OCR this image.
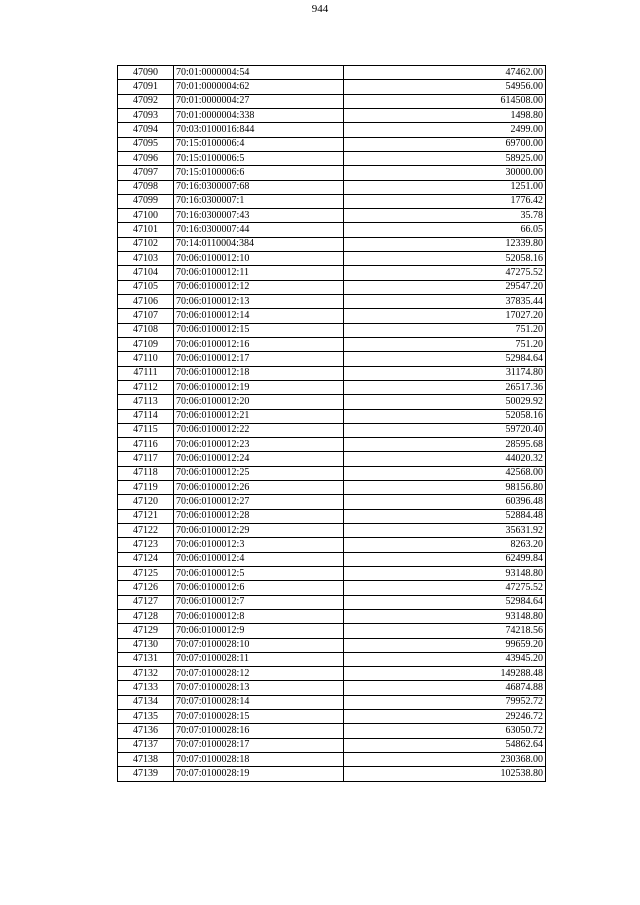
944
47090	70:01:0000004:54	47462.00
47091	70:01:0000004:62	54956.00
47092	70:01:0000004:27	614508.00
47093	70:01:0000004:338	1498.80
47094	70:03:0100016:844	2499.00
47095	70:15:0100006:4	69700.00
47096	70:15:0100006:5	58925.00
47097	70:15:0100006:6	30000.00
47098	70:16:0300007:68	1251.00
47099	70:16:0300007:1	1776.42
47100	70:16:0300007:43	35.78
47101	70:16:0300007:44	66.05
47102	70:14:0110004:384	12339.80
47103	70:06:0100012:10	52058.16
47104	70:06:0100012:11	47275.52
47105	70:06:0100012:12	29547.20
47106	70:06:0100012:13	37835.44
47107	70:06:0100012:14	17027.20
47108	70:06:0100012:15	751.20
47109	70:06:0100012:16	751.20
47110	70:06:0100012:17	52984.64
47111	70:06:0100012:18	31174.80
47112	70:06:0100012:19	26517.36
47113	70:06:0100012:20	50029.92
47114	70:06:0100012:21	52058.16
47115	70:06:0100012:22	59720.40
47116	70:06:0100012:23	28595.68
47117	70:06:0100012:24	44020.32
47118	70:06:0100012:25	42568.00
47119	70:06:0100012:26	98156.80
47120	70:06:0100012:27	60396.48
47121	70:06:0100012:28	52884.48
47122	70:06:0100012:29	35631.92
47123	70:06:0100012:3	8263.20
47124	70:06:0100012:4	62499.84
47125	70:06:0100012:5	93148.80
47126	70:06:0100012:6	47275.52
47127	70:06:0100012:7	52984.64
47128	70:06:0100012:8	93148.80
47129	70:06:0100012:9	74218.56
47130	70:07:0100028:10	99659.20
47131	70:07:0100028:11	43945.20
47132	70:07:0100028:12	149288.48
47133	70:07:0100028:13	46874.88
47134	70:07:0100028:14	79952.72
47135	70:07:0100028:15	29246.72
47136	70:07:0100028:16	63050.72
47137	70:07:0100028:17	54862.64
47138	70:07:0100028:18	230368.00
47139	70:07:0100028:19	102538.80
